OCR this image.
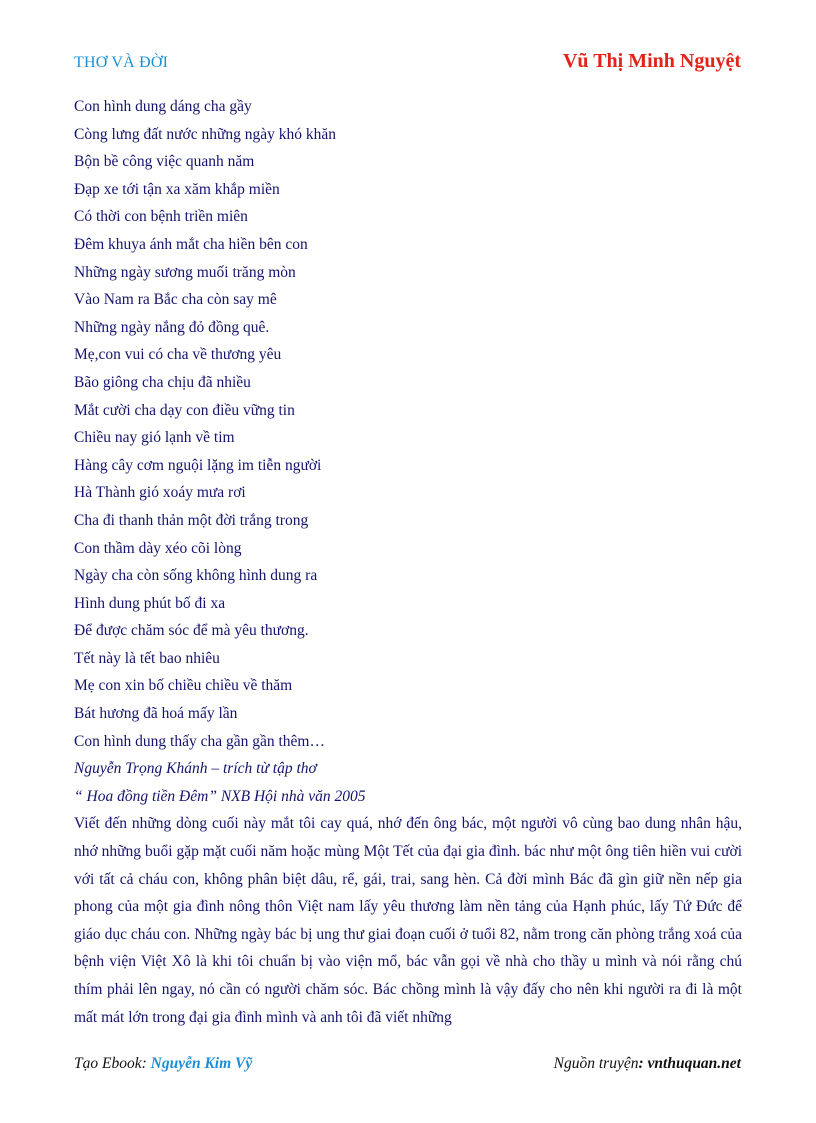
THƠ VÀ ĐỜI	Vũ Thị Minh Nguyệt
Con hình dung dáng cha gầy
Còng lưng đất nước những ngày khó khăn
Bộn bề công việc quanh năm
Đạp xe tới tận xa xăm khắp miền
Có thời con bệnh triền miên
Đêm khuya ánh mắt cha hiền bên con
Những ngày sương muối trăng mòn
Vào Nam ra Bắc cha còn say mê
Những ngày nắng đỏ đồng quê.
Mẹ,con vui có cha về thương yêu
Bão giông cha chịu đã nhiều
Mắt cười cha dạy con điều vững tin
Chiều nay gió lạnh về tim
Hàng cây cơm nguội lặng im tiễn người
Hà Thành gió xoáy mưa rơi
Cha đi thanh thản một đời trắng trong
Con thầm dày xéo cõi lòng
Ngày cha còn sống không hình dung ra
Hình dung phút bố đi xa
Để được chăm sóc để mà yêu thương.
Tết này là tết bao nhiêu
Mẹ con xin bố chiều chiều về thăm
Bát hương đã hoá mấy lần
Con hình dung thấy cha gần gần thêm…
Nguyễn Trọng Khánh – trích từ tập thơ
“ Hoa đồng tiền Đêm” NXB Hội nhà văn 2005

Viết đến những dòng cuối này mắt tôi cay quá, nhớ đến ông bác, một người vô cùng bao dung nhân hậu, nhớ những buổi gặp mặt cuối năm hoặc mùng Một Tết của đại gia đình. bác như một ông tiên hiền vui cười với tất cả cháu con, không phân biệt dâu, rể, gái, trai, sang hèn. Cả đời mình Bác đã gìn giữ nền nếp gia phong của một gia đình nông thôn Việt nam lấy yêu thương làm nền tảng của Hạnh phúc, lấy Tứ Đức để giáo dục cháu con. Những ngày bác bị ung thư giai đoạn cuối ở tuổi 82, nằm trong căn phòng trắng xoá của bệnh viện Việt Xô là khi tôi chuẩn bị vào viện mổ, bác vẫn gọi về nhà cho thầy u mình và nói rằng chú thím phải lên ngay, nó cần có người chăm sóc. Bác chồng mình là vậy đấy cho nên khi người ra đi là một mất mát lớn trong đại gia đình mình và anh tôi đã viết những

Tạo Ebook: Nguyễn Kim Vỹ	Nguồn truyện: vnthuquan.net
